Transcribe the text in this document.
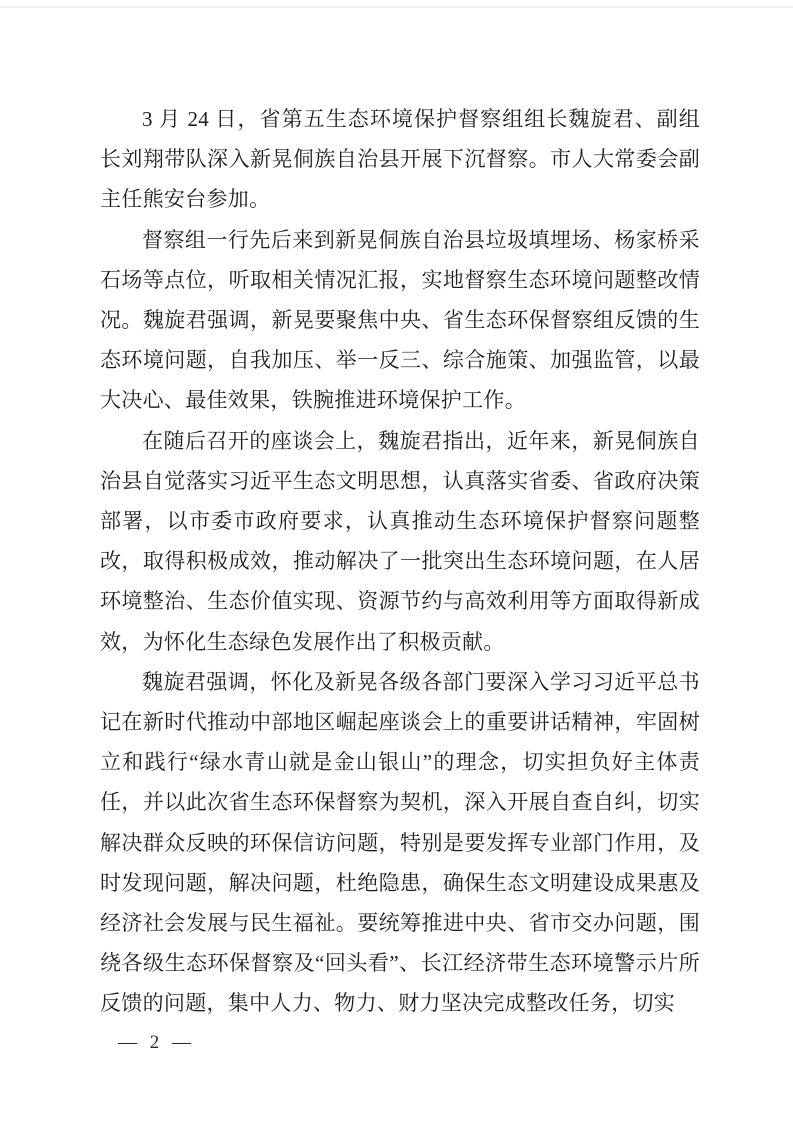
3 月 24 日，省第五生态环境保护督察组组长魏旋君、副组长刘翔带队深入新晃侗族自治县开展下沉督察。市人大常委会副主任熊安台参加。

督察组一行先后来到新晃侗族自治县垃圾填埋场、杨家桥采石场等点位，听取相关情况汇报，实地督察生态环境问题整改情况。魏旋君强调，新晃要聚焦中央、省生态环保督察组反馈的生态环境问题，自我加压、举一反三、综合施策、加强监管，以最大决心、最佳效果，铁腕推进环境保护工作。

在随后召开的座谈会上，魏旋君指出，近年来，新晃侗族自治县自觉落实习近平生态文明思想，认真落实省委、省政府决策部署，以市委市政府要求，认真推动生态环境保护督察问题整改，取得积极成效，推动解决了一批突出生态环境问题，在人居环境整治、生态价值实现、资源节约与高效利用等方面取得新成效，为怀化生态绿色发展作出了积极贡献。

魏旋君强调，怀化及新晃各级各部门要深入学习习近平总书记在新时代推动中部地区崛起座谈会上的重要讲话精神，牢固树立和践行“绿水青山就是金山银山”的理念，切实担负好主体责任，并以此次省生态环保督察为契机，深入开展自查自纠，切实解决群众反映的环保信访问题，特别是要发挥专业部门作用，及时发现问题，解决问题，杜绝隐患，确保生态文明建设成果惠及经济社会发展与民生福祉。要统筹推进中央、省市交办问题，围绕各级生态环保督察及“回头看”、长江经济带生态环境警示片所反馈的问题，集中人力、物力、财力坚决完成整改任务，切实

— 2 —
